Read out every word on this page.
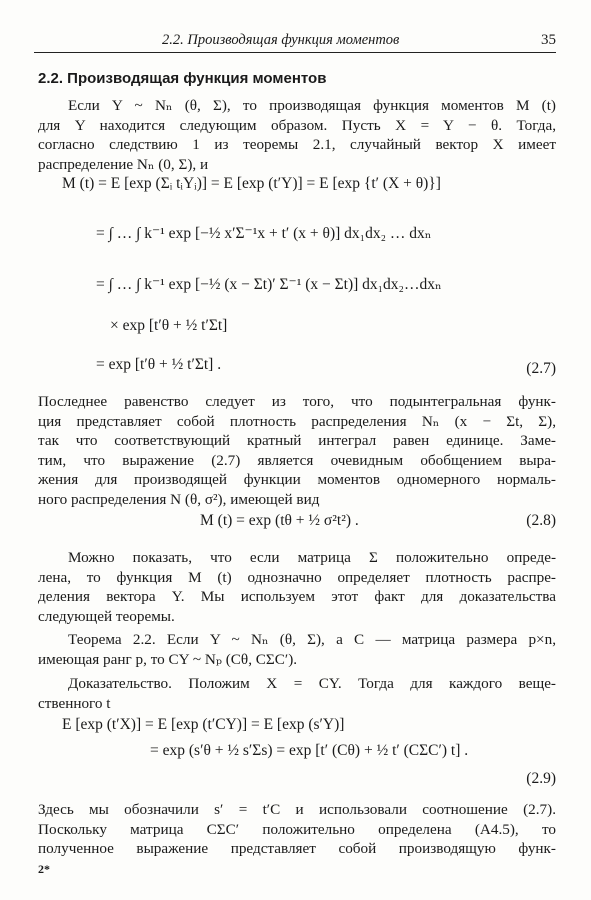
2.2. Производящая функция моментов	35
2.2. Производящая функция моментов
Если Y ~ Nₙ (θ, Σ), то производящая функция моментов M (t)
для Y находится следующим образом. Пусть X = Y − θ. Тогда,
согласно следствию 1 из теоремы 2.1, случайный вектор X имеет
распределение Nₙ (0, Σ), и
M (t) = E [exp (Σᵢ tᵢYᵢ)] = E [exp (t′Y)] = E [exp {t′ (X + θ)}]
= ∫ … ∫ k⁻¹ exp [−½ x′Σ⁻¹x + t′ (x + θ)] dx₁dx₂ … dxₙ
= ∫ … ∫ k⁻¹ exp [−½ (x − Σt)′ Σ⁻¹ (x − Σt)] dx₁dx₂…dxₙ
× exp [t′θ + ½ t′Σt]
= exp [t′θ + ½ t′Σt] .	(2.7)
Последнее равенство следует из того, что подынтегральная функ-
ция представляет собой плотность распределения Nₙ (x − Σt, Σ),
так что соответствующий кратный интеграл равен единице. Заме-
тим, что выражение (2.7) является очевидным обобщением выра-
жения для производящей функции моментов одномерного нормаль-
ного распределения N (θ, σ²), имеющей вид
M (t) = exp (tθ + ½ σ²t²) .	(2.8)
Можно показать, что если матрица Σ положительно опреде-
лена, то функция M (t) однозначно определяет плотность распре-
деления вектора Y. Мы используем этот факт для доказательства
следующей теоремы.
Теорема 2.2. Если Y ~ Nₙ (θ, Σ), а C — матрица размера p×n,
имеющая ранг p, то CY ~ Nₚ (Cθ, CΣC′).
Доказательство. Положим X = CY. Тогда для каждого веще-
ственного t
E [exp (t′X)] = E [exp (t′CY)] = E [exp (s′Y)]
= exp (s′θ + ½ s′Σs) = exp [t′ (Cθ) + ½ t′ (CΣC′) t] .
(2.9)
Здесь мы обозначили s′ = t′C и использовали соотношение (2.7).
Поскольку матрица CΣC′ положительно определена (A4.5), то
полученное выражение представляет собой производящую функ-
2*
